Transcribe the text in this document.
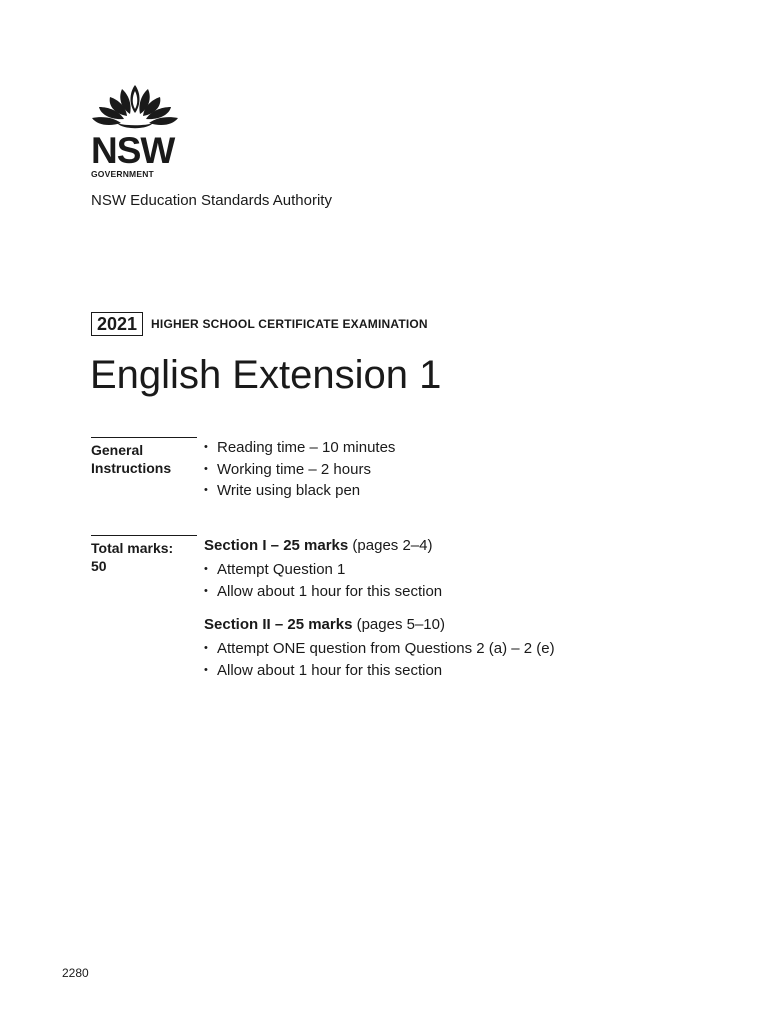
NSW
GOVERNMENT
NSW Education Standards Authority
2021	HIGHER SCHOOL CERTIFICATE EXAMINATION
English Extension 1
General
Instructions
• Reading time – 10 minutes
• Working time – 2 hours
• Write using black pen
Total marks:
50
Section I – 25 marks (pages 2–4)
• Attempt Question 1
• Allow about 1 hour for this section
Section II – 25 marks (pages 5–10)
• Attempt ONE question from Questions 2 (a) – 2 (e)
• Allow about 1 hour for this section
2280
